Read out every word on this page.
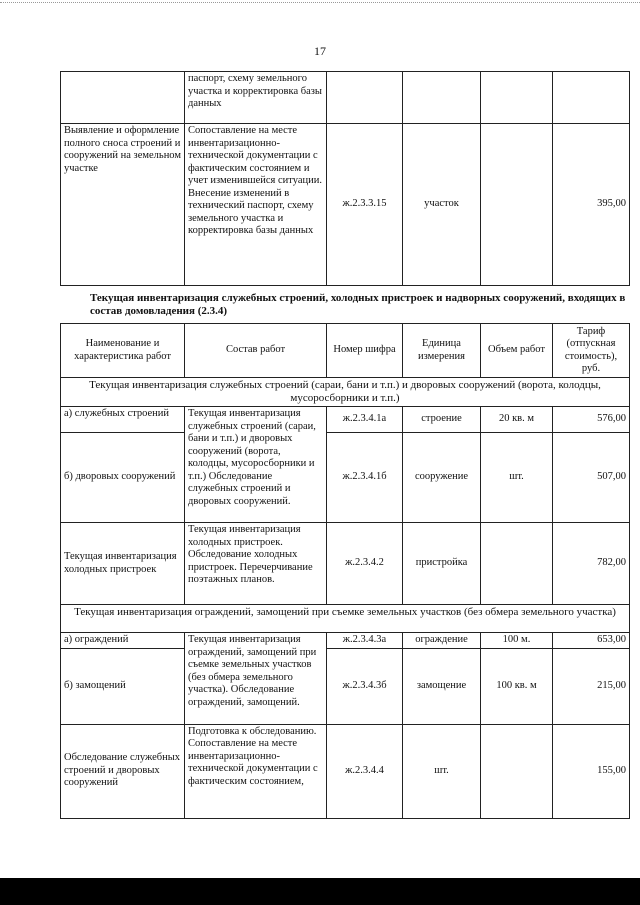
17
	паспорт, схему земельного участка и корректировка базы данных				
Выявление и оформление полного сноса строений и сооружений на земельном участке	Сопоставление на месте инвентаризационно-технической документации с фактическим состоянием и учет изменившейся ситуации. Внесение изменений в технический паспорт, схему земельного участка и корректировка базы данных	ж.2.3.3.15	участок		395,00
Текущая инвентаризация служебных строений, холодных пристроек и надворных сооружений, входящих в состав домовладения (2.3.4)
Наименование и характеристика работ	Состав работ	Номер шифра	Единица измерения	Объем работ	Тариф (отпускная стоимость), руб.
Текущая инвентаризация служебных строений (сараи, бани и т.п.) и дворовых сооружений (ворота, колодцы, мусоросборники и т.п.)					
а) служебных строений	Текущая инвентаризация служебных строений (сараи, бани и т.п.) и дворовых сооружений (ворота, колодцы, мусоросборники и т.п.) Обследование служебных строений и дворовых сооружений.	ж.2.3.4.1а	строение	20 кв. м	576,00
б) дворовых сооружений		ж.2.3.4.1б	сооружение	шт.	507,00
Текущая инвентаризация холодных пристроек	Текущая инвентаризация холодных пристроек. Обследование холодных пристроек. Перечерчивание поэтажных планов.	ж.2.3.4.2	пристройка		782,00
Текущая инвентаризация ограждений, замощений при съемке земельных участков (без обмера земельного участка)					
а) ограждений	Текущая инвентаризация ограждений, замощений при съемке земельных участков (без обмера земельного участка). Обследование ограждений, замощений.	ж.2.3.4.3а	ограждение	100 м.	653,00
б) замощений		ж.2.3.4.3б	замощение	100 кв. м	215,00
Обследование служебных строений и дворовых сооружений	Подготовка к обследованию. Сопоставление на месте инвентаризационно-технической документации с фактическим состоянием,	ж.2.3.4.4	шт.		155,00
